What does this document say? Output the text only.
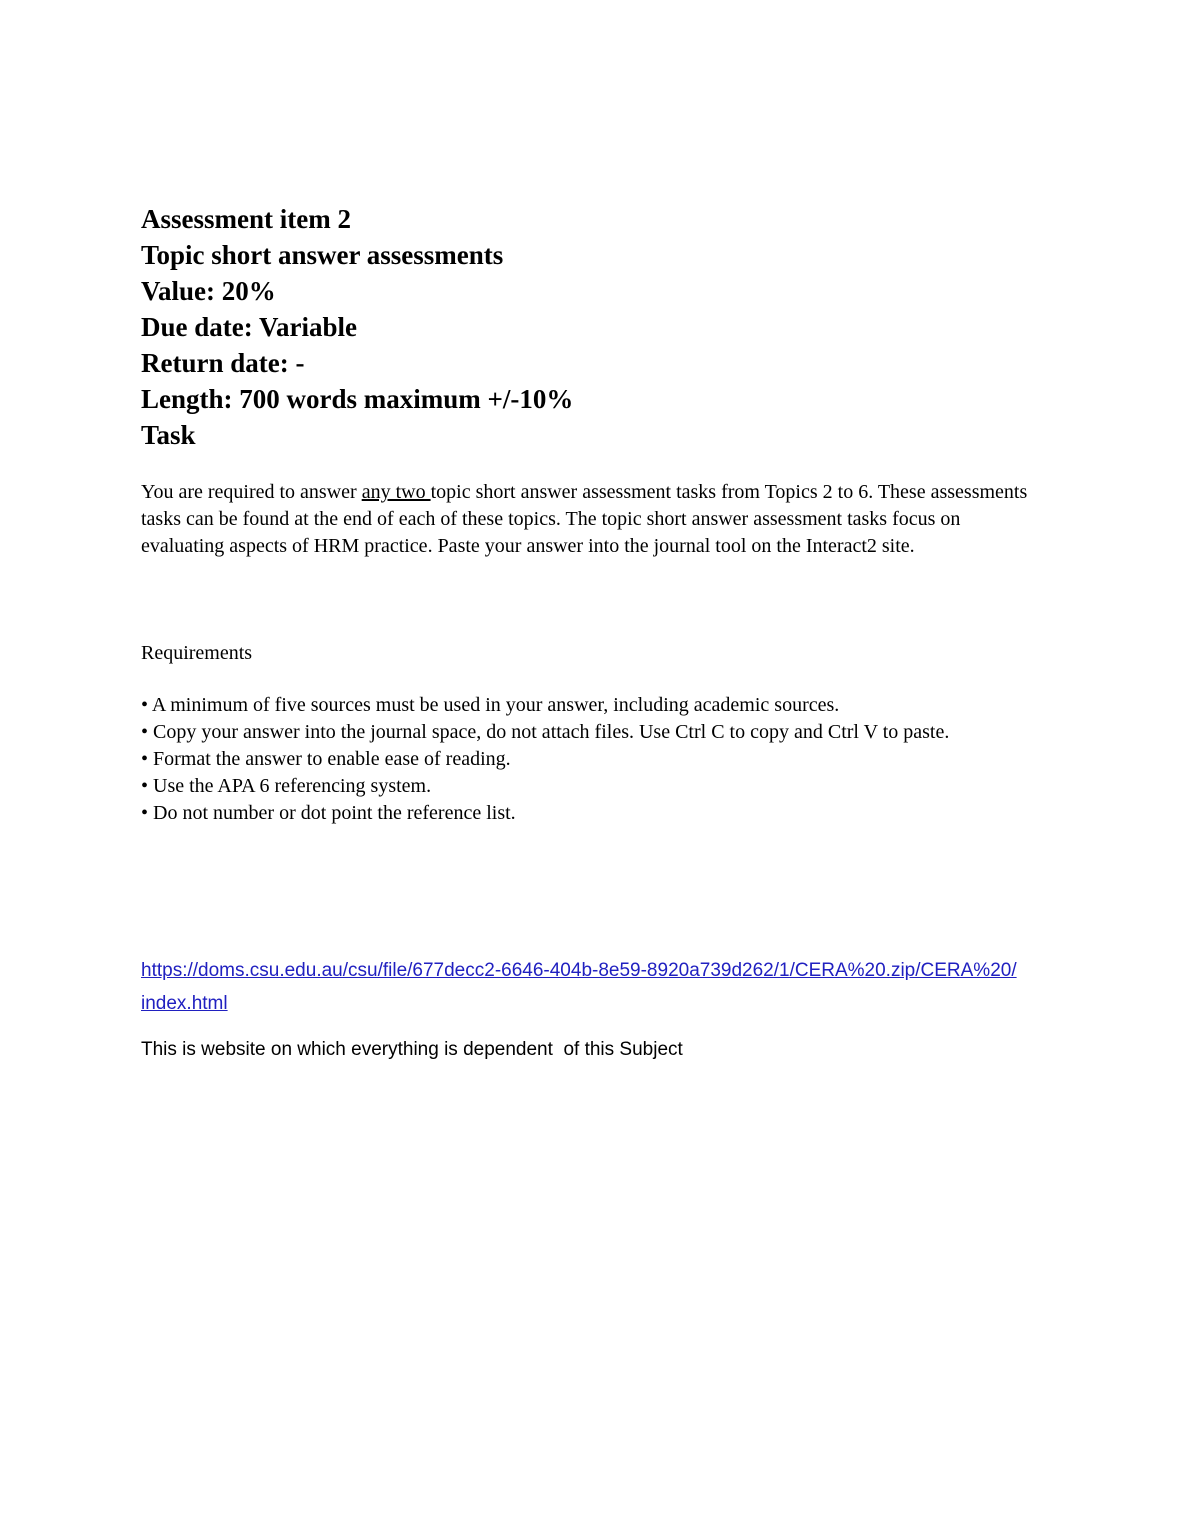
Assessment item 2
Topic short answer assessments
Value: 20%
Due date: Variable
Return date: -
Length: 700 words maximum +/-10%
Task

You are required to answer any two topic short answer assessment tasks from Topics 2 to 6. These assessments tasks can be found at the end of each of these topics. The topic short answer assessment tasks focus on evaluating aspects of HRM practice. Paste your answer into the journal tool on the Interact2 site.

Requirements

• A minimum of five sources must be used in your answer, including academic sources.

• Copy your answer into the journal space, do not attach files. Use Ctrl C to copy and Ctrl V to paste.

• Format the answer to enable ease of reading.

• Use the APA 6 referencing system.

• Do not number or dot point the reference list.

https://doms.csu.edu.au/csu/file/677decc2-6646-404b-8e59-8920a739d262/1/CERA%20.zip/CERA%20/
index.html
This is website on which everything is dependent  of this Subject
